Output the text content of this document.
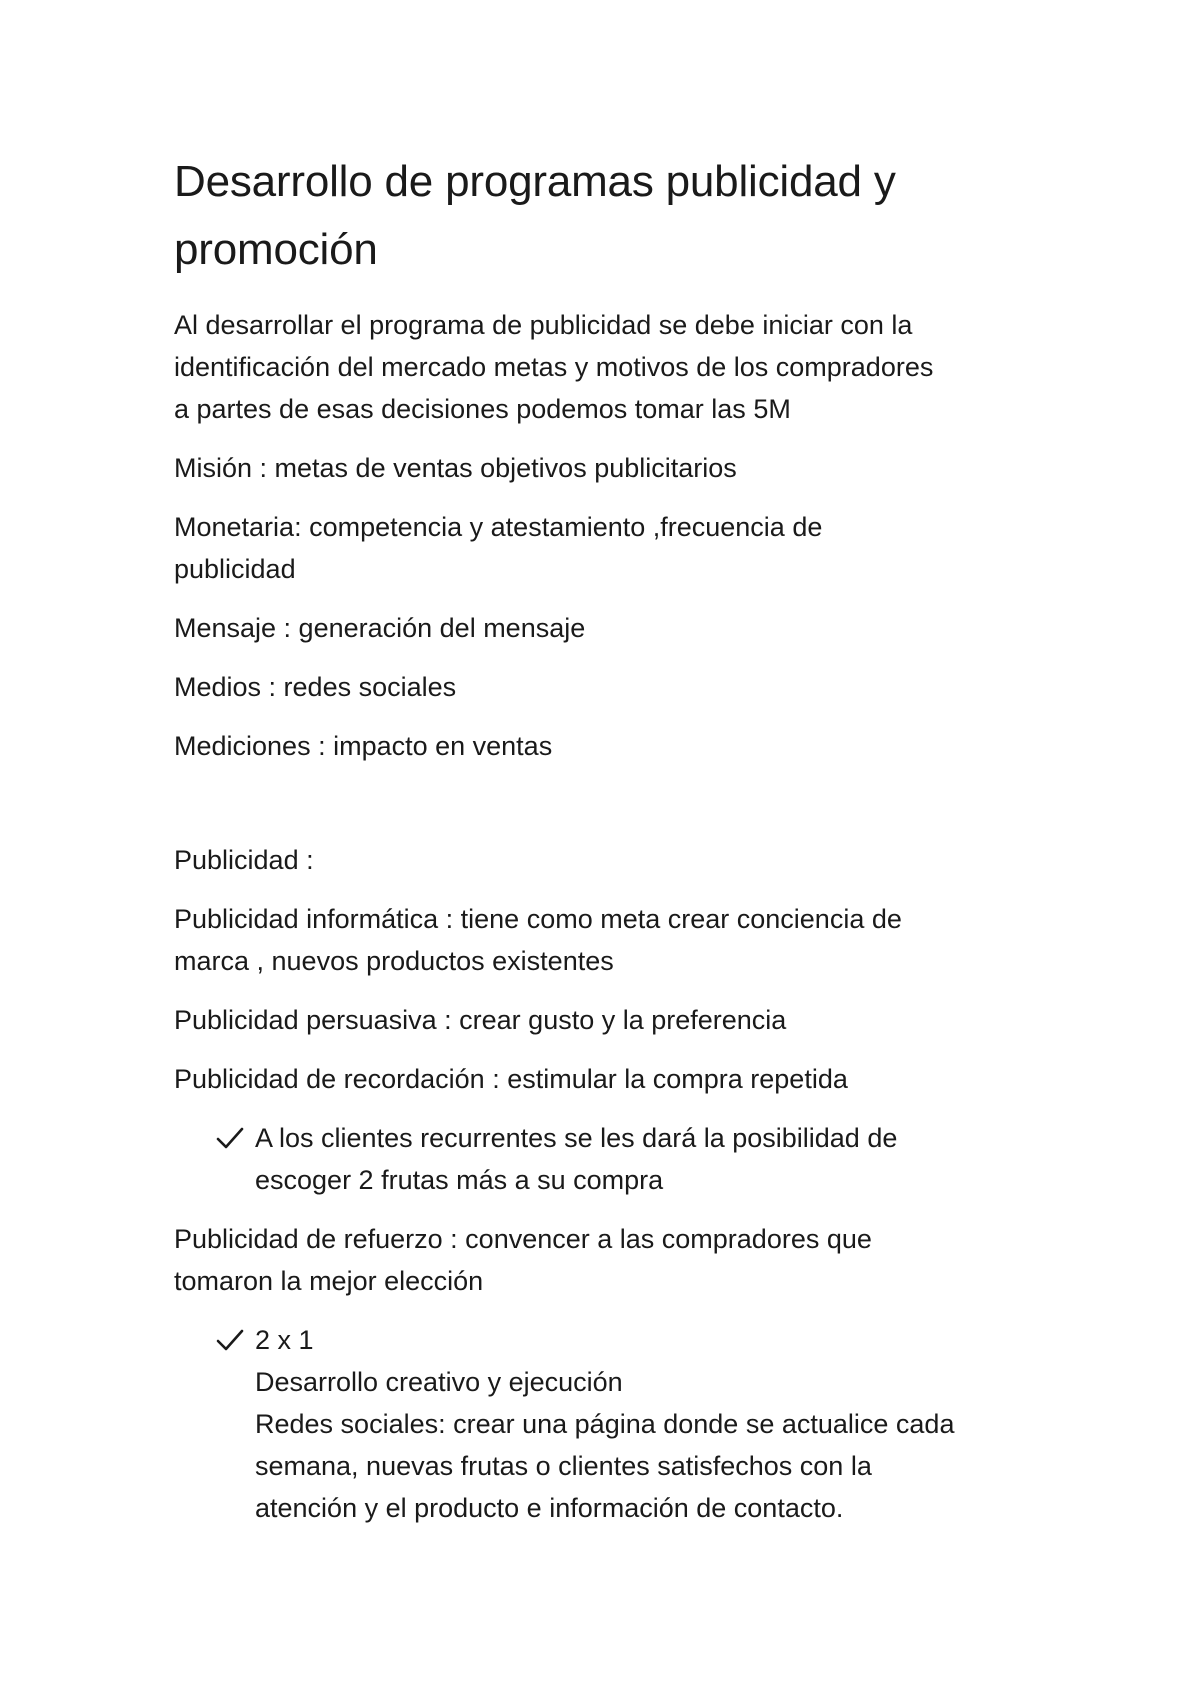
Desarrollo de programas publicidad y
promoción

Al desarrollar el programa de publicidad se debe iniciar con la
identificación del mercado metas y motivos de los compradores
a partes de esas decisiones podemos tomar las 5M

Misión : metas de ventas objetivos publicitarios

Monetaria: competencia y atestamiento ,frecuencia de
publicidad

Mensaje : generación del mensaje

Medios : redes sociales

Mediciones : impacto en ventas

Publicidad :

Publicidad informática : tiene como meta crear conciencia de
marca , nuevos productos existentes

Publicidad persuasiva : crear gusto y la preferencia

Publicidad de recordación : estimular la compra repetida

A los clientes recurrentes se les dará la posibilidad de
escoger 2 frutas más a su compra

Publicidad de refuerzo : convencer a las compradores que
tomaron la mejor elección

2 x 1
Desarrollo creativo y ejecución
Redes sociales: crear una página donde se actualice cada
semana, nuevas frutas o clientes satisfechos con la
atención y el producto e información de contacto.
